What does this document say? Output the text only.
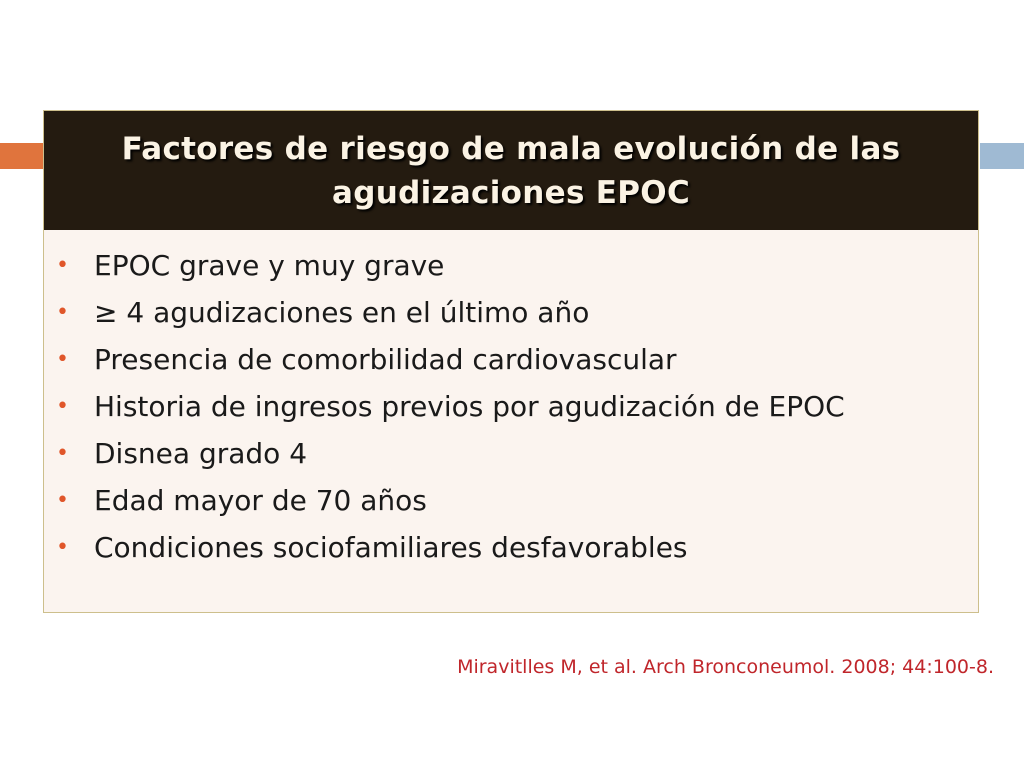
Factores de riesgo de mala evolución de las agudizaciones EPOC
• EPOC grave y muy grave
• ≥ 4 agudizaciones en el último año
• Presencia de comorbilidad cardiovascular
• Historia de ingresos previos por agudización de EPOC
• Disnea grado 4
• Edad mayor de 70 años
• Condiciones sociofamiliares desfavorables
Miravitlles M, et al. Arch Bronconeumol. 2008; 44:100-8.
